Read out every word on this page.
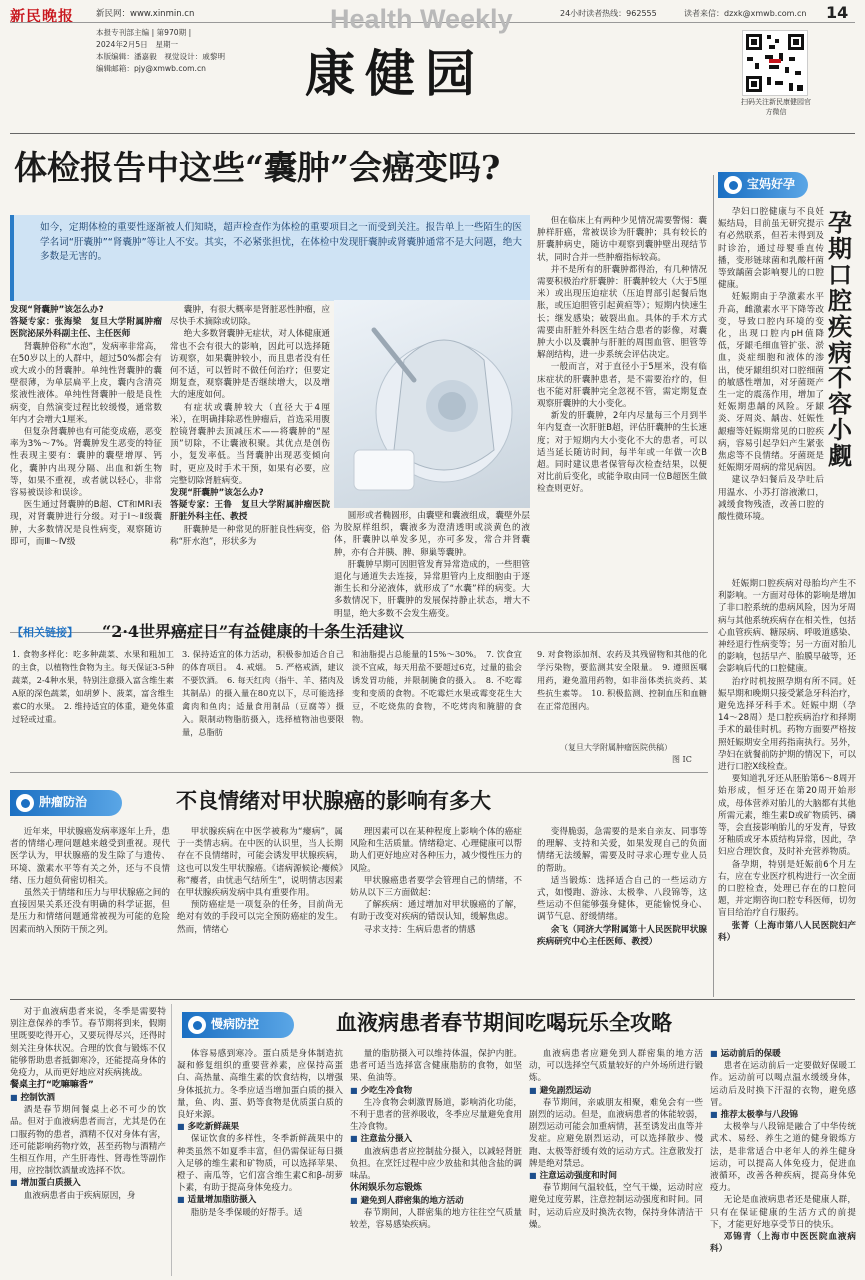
新民晚报	新民网：www.xinmin.cn	24小时读者热线：962555	读者来信：dzxk@xmwb.com.cn 14
本报专刊部主编 | 第970期 |
2024年2月5日　星期一
本版编辑：潘嘉毅　视觉设计：戚黎明
编辑邮箱：pjy@xmwb.com.cn
Health Weekly
康健园	扫码关注新民康健园官方微信
体检报告中这些“囊肿”会癌变吗?
如今，定期体检的重要性逐渐被人们知晓，超声检查作为体检的重要项目之一而受到关注。报告单上一些陌生的医学名词“肝囊肿”“肾囊肿”等让人不安。其实，不必紧张担忧，在体检中发现肝囊肿或肾囊肿通常不是大问题，绝大多数是无害的。

发现“肾囊肿”该怎么办?

答疑专家：张海梁　复旦大学附属肿瘤医院泌尿外科副主任、主任医师

肾囊肿俗称“水泡”，发病率非常高，在50岁以上的人群中，超过50%都会有或大或小的肾囊肿。单纯性肾囊肿的囊壁很薄，为单层扁平上皮，囊内含清亮浆液性液体。单纯性肾囊肿一般是良性病变，自然演变过程比较缓慢，通常数年内才会增大1厘米。

但复杂肾囊肿也有可能变成癌，恶变率为3%～7%。肾囊肿发生恶变的特征性表现主要有：囊肿的囊壁增厚、钙化，囊肿内出现分隔、出血和新生物等，如果不重视，或者就以轻心，非常容易被误诊和误诊。

医生通过肾囊肿的B超、CT和MRI表现，对肾囊肿进行分级。对于Ⅰ～Ⅱ级囊肿，大多数情况是良性病变，观察随访即可，而Ⅲ～Ⅳ级

囊肿，有很大概率是肾脏恶性肿瘤，应尽快手术摘除或切除。

绝大多数肾囊肿无症状，对人体健康通常也不会有很大的影响，因此可以选择随访观察，如果囊肿较小，而且患者没有任何不适，可以暂时不做任何治疗；但要定期复查，观察囊肿是否继续增大，以及增大的速度如何。

有症状或囊肿较大（直径大于4厘米），在明确排除恶性肿瘤后，首选采用腹腔镜肾囊肿去顶减压术——将囊肿的“屋顶”切除，不让囊液积聚。其优点是创伤小，复发率低。当肾囊肿出现恶变倾向时，更应及时手术干预，如果有必要，应完整切除肾脏病变。

发现“肝囊肿”该怎么办?

答疑专家：王鲁　复旦大学附属肿瘤医院肝脏外科主任、教授

肝囊肿是一种常见的肝脏良性病变，俗称“肝水泡”，形状多为

圆形或者椭圆形，由囊壁和囊液组成，囊壁外层为胶原样组织，囊液多为澄清透明或淡黄色的液体，肝囊肿以单发多见，亦可多发，常合并肾囊肿，亦有合并胰、脾、卵巢等囊肿。

肝囊肿早期可因胆管发育异常造成的，一些胆管退化与通道失去连接，异常胆管内上皮细胞由于逐渐生长和分泌液体，就形成了“水囊”样的病变。大多数情况下，肝囊肿的发展保持静止状态，增大不明显，绝大多数不会发生癌变。

但在临床上有两种少见情况需要警惕：囊肿样肝癌，常被误诊为肝囊肿；具有较长的肝囊肿病史，随访中观察到囊肿壁出现结节状，同时合并一些肿瘤指标较高。

并不是所有的肝囊肿都得治，有几种情况需要积极治疗肝囊肿：肝囊肿较大（大于5厘米）或出现压迫症状（压迫胃部引起餐后饱胀，或压迫胆管引起黄疸等）；短期内快速生长；继发感染；破裂出血。具体的手术方式需要由肝脏外科医生结合患者的影像，对囊肿大小以及囊肿与肝脏的周围血管、胆管等解剖结构，进一步系统会评估决定。

一般而言，对于直径小于5厘米，没有临床症状的肝囊肿患者，是不需要治疗的，但也不能对肝囊肿完全忽视不管，需定期复查观察肝囊肿的大小变化。

新发的肝囊肿，2年内尽量每三个月到半年内复查一次肝脏B超，评估肝囊肿的生长速度；对于短期内大小变化不大的患者，可以适当延长随访时间，每半年或一年做一次B超。同时建议患者保管每次检查结果，以便对比前后变化，或能争取由同一位B超医生做检查则更好。

宝妈好孕
孕期口腔疾病不容小觑

孕妇口腔健康与不良妊娠结局，目前虽无研究提示有必然联系，但若未得到及时诊治，通过母婴垂直传播，变形链球菌和乳酸杆菌等致龋菌会影响婴儿的口腔健康。

妊娠期由于孕激素水平升高，雌激素水平下降等改变，导致口腔内环境的变化，出现口腔内pH值降低，牙龈毛细血管扩张、淤血，炎症细胞和液体的渗出，使牙龈组织对口腔细菌的敏感性增加，对牙菌斑产生一定的震荡作用，增加了妊娠期患龋的风险。牙龈炎、牙周炎、龋齿、妊娠性龈瘤等妊娠期常见的口腔疾病，容易引起孕妇产生紧张焦虑等不良情绪。牙菌斑是妊娠期牙周病的常见病因。

建议孕妇餐后及孕吐后用温水、小苏打溶液漱口，减缓食物残渣，改善口腔的酸性微环境。

妊娠期口腔疾病对母胎均产生不利影响。一方面对母体的影响是增加了非口腔系统的患病风险，因为牙周病与其他系统疾病存在相关性，包括心血管疾病、糖尿病、呼吸道感染、神经退行性病变等；另一方面对胎儿的影响，包括早产、胎膜早破等，还会影响后代的口腔健康。

治疗时机按照孕期有所不同。妊娠早期和晚期只接受紧急牙科治疗，避免选择牙科手术。妊娠中期（孕14～28周）是口腔疾病治疗和择期手术的最佳时机。药物方面要严格按照妊娠期安全用药指南执行。另外，孕妇在就餐前防护期的情况下，可以进行口腔X线检查。

要知道乳牙还从胚胎第6～8周开始形成，恒牙还在第20周开始形成，母体营养对胎儿的大脑都有其他所需元素，维生素D或矿物质钙、磷等，会直接影响胎儿的牙发育，导致牙釉质或牙本质结构异常，因此，孕妇应合理饮食，及时补充营养物质。

备孕期，特别是妊娠前6个月左右，应在专业医疗机构进行一次全面的口腔检查，处理已存在的口腔问题，并定期咨询口腔专科医师，切勿盲目给治疗自行服药。

张菁（上海市第八人民医院妇产科）

【相关链接】 “2·4世界癌症日”有益健康的十条生活建议
1. 食物多样化：吃多种蔬菜、水果和粗加工的主食，以植物性食物为主。每天保证3-5种蔬菜，2-4种水果，特别注意摄入富含维生素A原的深色蔬菜，如胡萝卜、菠菜，富含维生素C的水果。　2. 维持适宜的体重，避免体重过轻或过重。
3. 保持适宜的体力活动，积极参加适合自己的体育项目。　4. 戒烟。　5. 严格戒酒，建议不要饮酒。　6. 每天红肉（指牛、羊、猪肉及其制品）的摄入量在80克以下，尽可能选择禽肉和鱼肉；适量食用制品（豆腐等）摄入。限制动物脂肪摄入，选择植物油也要限量，总脂肪
和油脂提占总能量的15%～30%。　7. 饮食宜淡不宜咸，每天用盐不要超过6克，过量的盐会诱发胃功能，并限制腌食的摄入。　8. 不吃霉变和变质的食物。不吃霉烂水果或霉变花生大豆，不吃烧焦的食物，不吃烤肉和腌腊的食物。
9. 对食物添加剂、农药及其残留物和其他的化学污染物，要监测其安全限量。　9. 遵照医嘱用药，避免滥用药物，如非甾体类抗炎药、某些抗生素等。　10. 积极监测、控制血压和血糖在正常范围内。
（复旦大学附属肿瘤医院供稿）
图 IC
肿瘤防治	不良情绪对甲状腺癌的影响有多大

近年来，甲状腺癌发病率逐年上升，患者的情绪心理问题越来越受到重视。现代医学认为，甲状腺癌的发生除了与遗传、环境、激素水平等有关之外，还与不良情绪、压力超负荷密切相关。

虽然关于情绪和压力与甲状腺癌之间的直接因果关系还没有明确的科学证据，但是压力和情绪问题通常被视为可能的危险因素而纳入预防干预之列。

甲状腺疾病在中医学被称为“瘿病”，属于一类情志病。在中医的认识里，当人长期存在不良情绪时，可能会诱发甲状腺疾病，这也可以发生甲状腺癌。《诸病源候论·瘿候》称“瘿者，由忧恚气结所生”，说明情志因素在甲状腺疾病发病中具有重要作用。

预防癌症是一项复杂的任务，目前尚无绝对有效的手段可以完全预防癌症的发生。然而，情绪心

理因素可以在某种程度上影响个体的癌症风险和生活质量。情绪稳定、心理健康可以帮助人们更好地应对各种压力，减少慢性压力的风险。

甲状腺癌患者要学会管理自己的情绪，不妨从以下三方面做起：

了解疾病：通过增加对甲状腺癌的了解，有助于改变对疾病的错误认知，缓解焦虑。

寻求支持：生病后患者的情感

变得脆弱，急需要的是来自亲友、同事等的理解、支持和关爱，如果发现自己的负面情绪无法缓解，需要及时寻求心理专业人员的帮助。

适当锻炼：选择适合自己的一些运动方式，如慢跑、游泳、太极拳、八段锦等，这些运动不但能够强身健体，更能愉悦身心、调节气息、舒缓情绪。

余飞（同济大学附属第十人民医院甲状腺疾病研究中心主任医师、教授）

慢病防控	血液病患者春节期间吃喝玩乐全攻略

对于血液病患者来说，冬季是需要特别注意保养的季节。春节期将到来，假期里既要吃得开心，又要玩得尽兴，还得时刻关注身体状况。合理的饮食与锻炼不仅能够帮助患者抵御寒冷，还能提高身体的免疫力，从而更好地应对疾病挑战。

餐桌主打“吃嘛嘛香”

■ 控制饮酒

酒是春节期间餐桌上必不可少的饮品。但对于血液病患者而言，尤其是仍在口服药物的患者，酒精不仅对身体有害，还可能影响药物疗效，甚至药物与酒精产生相互作用，产生肝毒性、肾毒性等副作用，应控制饮酒量或选择不饮。

■ 增加蛋白质摄入

血液病患者由于疾病原因，身

体容易感到寒冷。蛋白质是身体制造抗凝和修复组织的重要营养素，应保持高蛋白、高热量、高维生素的饮食结构，以增强身体抵抗力。冬季应适当增加蛋白质的摄入量，鱼、肉、蛋、奶等食物是优质蛋白质的良好来源。

■ 多吃新鲜蔬果

保证饮食的多样性，冬季新鲜蔬果中的种类虽然不如夏季丰富，但仍需保证每日摄入足够的维生素和矿物质，可以选择苹果、橙子、南瓜等，它们富含维生素C和β-胡萝卜素，有助于提高身体免疫力。

■ 适量增加脂肪摄入

脂肪是冬季保暖的好帮手。适

量的脂肪摄入可以维持体温，保护内脏。患者可适当选择富含健康脂肪的食物，如坚果、鱼油等。

■ 少吃生冷食物

生冷食物会刺激胃肠道，影响消化功能，不利于患者的营养吸收，冬季应尽量避免食用生冷食物。

■ 注意盐分摄入

血液病患者应控制盐分摄入，以减轻肾脏负担。在烹饪过程中应少放盐和其他含盐的调味品。

休闲娱乐勿忘锻炼

■ 避免到人群密集的地方活动

春节期间，人群密集的地方往往空气质量较差，容易感染疾病。

血液病患者应避免到人群密集的地方活动，可以选择空气质量较好的户外场所进行锻炼。

■ 避免剧烈运动

春节期间，亲戚朋友相聚，难免会有一些剧烈的运动。但是，血液病患者的体能较弱，剧烈运动可能会加重病情，甚至诱发出血等并发症。应避免剧烈运动，可以选择散步、慢跑、太极等舒缓有效的运动方式。注意散发打牌是绝对禁忌。

■ 注意运动强度和时间

春节期间气温较低，空气干燥，运动时应避免过度劳累，注意控制运动强度和时间。同时，运动后应及时换洗衣物，保持身体清洁干燥。

■ 运动前后的保暖

患者在运动前后一定要做好保暖工作。运动前可以喝点温水缓缓身体，运动后及时换下汗湿的衣物，避免感冒。

■ 推荐太极拳与八段锦

太极拳与八段锦是融合了中华传统武术、易经、养生之道的健身锻炼方法，是非常适合中老年人的养生健身运动，可以提高人体免疫力，促进血液循环，改善各种疾病，提高身体免疫力。

无论是血液病患者还是健康人群，只有在保证健康的生活方式的前提下，才能更好地享受节日的快乐。

邓锦青（上海市中医医院血液病科）
